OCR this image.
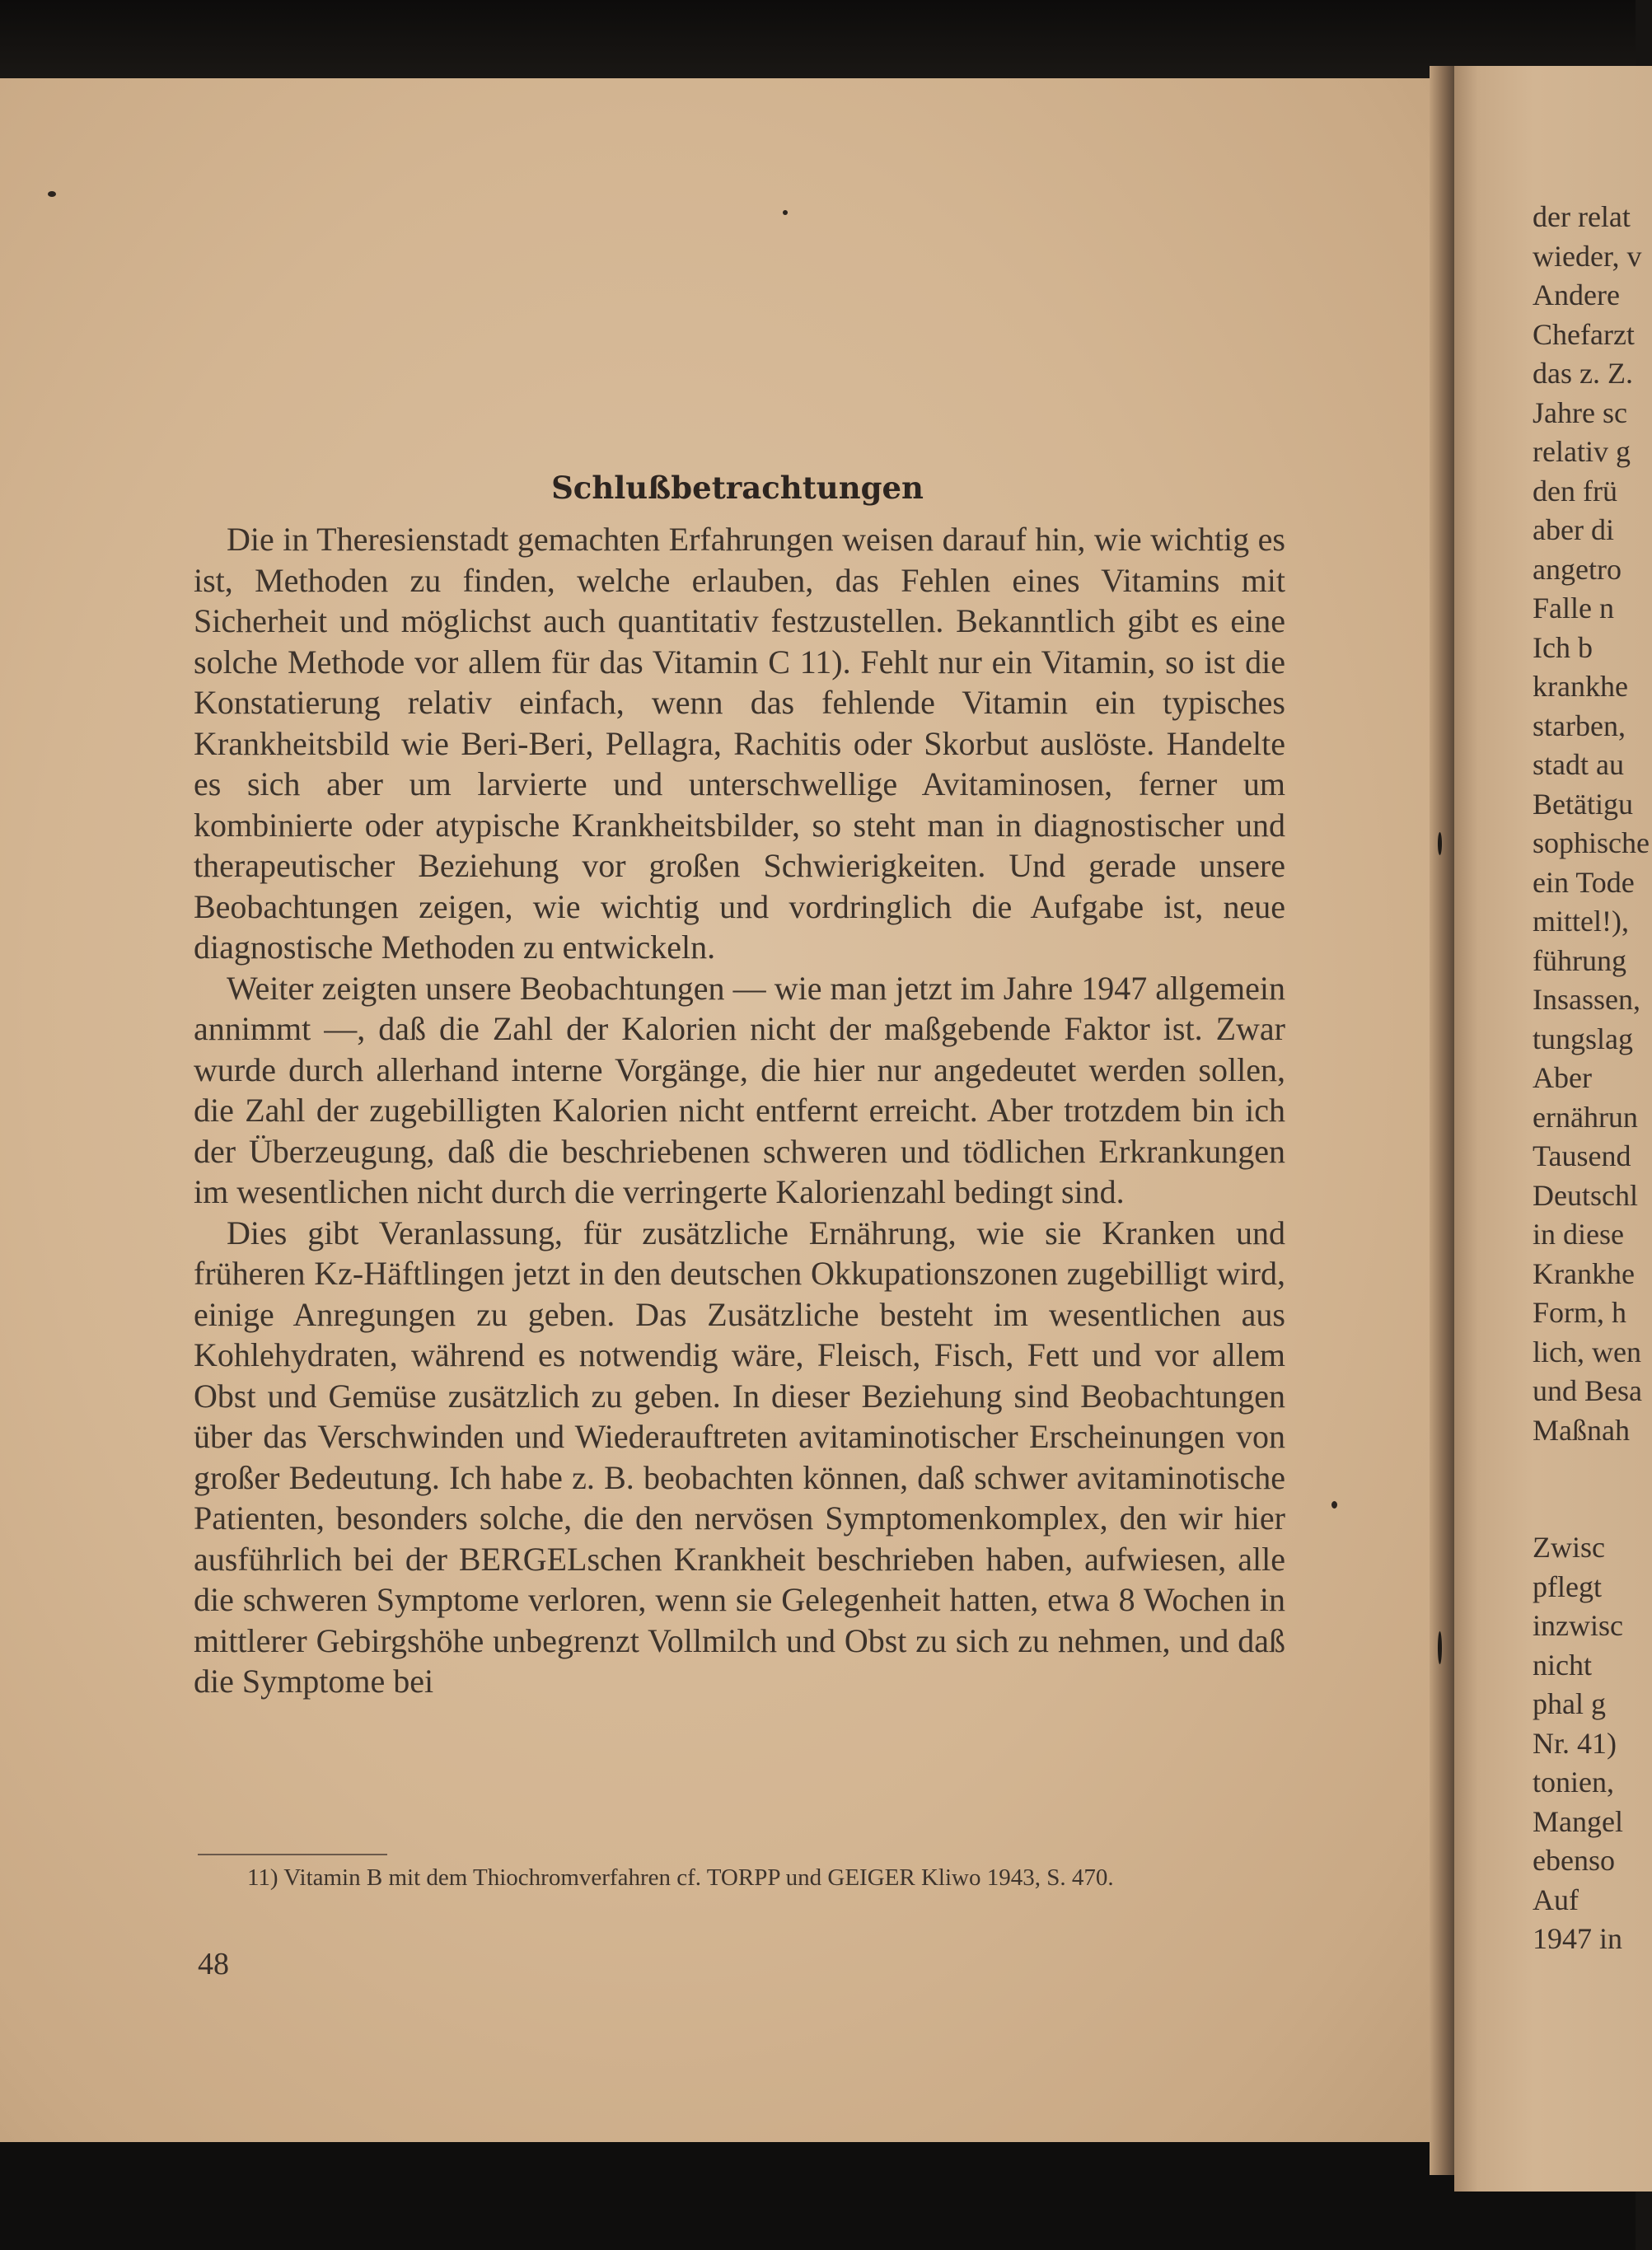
der relat
wieder, v
Andere
Chefarzt
das z. Z.
Jahre sc
relativ g
den frü
aber di
angetro
Falle n
Ich b
krankhe
starben,
stadt au
Betätigu
sophische
ein Tode
mittel!),
führung
Insassen,
tungslag
Aber
ernährun
Tausend
Deutschl
in diese
Krankhe
Form, h
lich, wen
und Besa
Maßnah
Zwisc
pflegt
inzwisc
nicht
phal g
Nr. 41)
tonien,
Mangel
ebenso
Auf
1947 in
Schlußbetrachtungen

Die in Theresienstadt gemachten Erfahrungen weisen darauf hin, wie wichtig es ist, Methoden zu finden, welche erlauben, das Fehlen eines Vitamins mit Sicherheit und möglichst auch quantitativ festzustellen. Bekanntlich gibt es eine solche Methode vor allem für das Vitamin C 11). Fehlt nur ein Vitamin, so ist die Konstatierung relativ einfach, wenn das fehlende Vitamin ein typisches Krankheitsbild wie Beri-Beri, Pellagra, Rachitis oder Skorbut auslöste. Handelte es sich aber um larvierte und unterschwellige Avitaminosen, ferner um kombinierte oder atypische Krankheitsbilder, so steht man in diagnostischer und therapeutischer Beziehung vor großen Schwierigkeiten. Und gerade unsere Beobachtungen zeigen, wie wichtig und vordringlich die Aufgabe ist, neue diagnostische Methoden zu entwickeln.

Weiter zeigten unsere Beobachtungen — wie man jetzt im Jahre 1947 allgemein annimmt —, daß die Zahl der Kalorien nicht der maßgebende Faktor ist. Zwar wurde durch allerhand interne Vorgänge, die hier nur angedeutet werden sollen, die Zahl der zugebilligten Kalorien nicht entfernt erreicht. Aber trotzdem bin ich der Überzeugung, daß die beschriebenen schweren und tödlichen Erkrankungen im wesentlichen nicht durch die verringerte Kalorienzahl bedingt sind.

Dies gibt Veranlassung, für zusätzliche Ernährung, wie sie Kranken und früheren Kz-Häftlingen jetzt in den deutschen Okkupationszonen zugebilligt wird, einige Anregungen zu geben. Das Zusätzliche besteht im wesentlichen aus Kohlehydraten, während es notwendig wäre, Fleisch, Fisch, Fett und vor allem Obst und Gemüse zusätzlich zu geben. In dieser Beziehung sind Beobachtungen über das Verschwinden und Wiederauftreten avitaminotischer Erscheinungen von großer Bedeutung. Ich habe z. B. beobachten können, daß schwer avitaminotische Patienten, besonders solche, die den nervösen Symptomenkomplex, den wir hier ausführlich bei der BERGELschen Krankheit beschrieben haben, aufwiesen, alle die schweren Symptome verloren, wenn sie Gelegenheit hatten, etwa 8 Wochen in mittlerer Gebirgshöhe unbegrenzt Vollmilch und Obst zu sich zu nehmen, und daß die Symptome bei

11) Vitamin B mit dem Thiochromverfahren cf. TORPP und GEIGER Kliwo 1943, S. 470.
48
